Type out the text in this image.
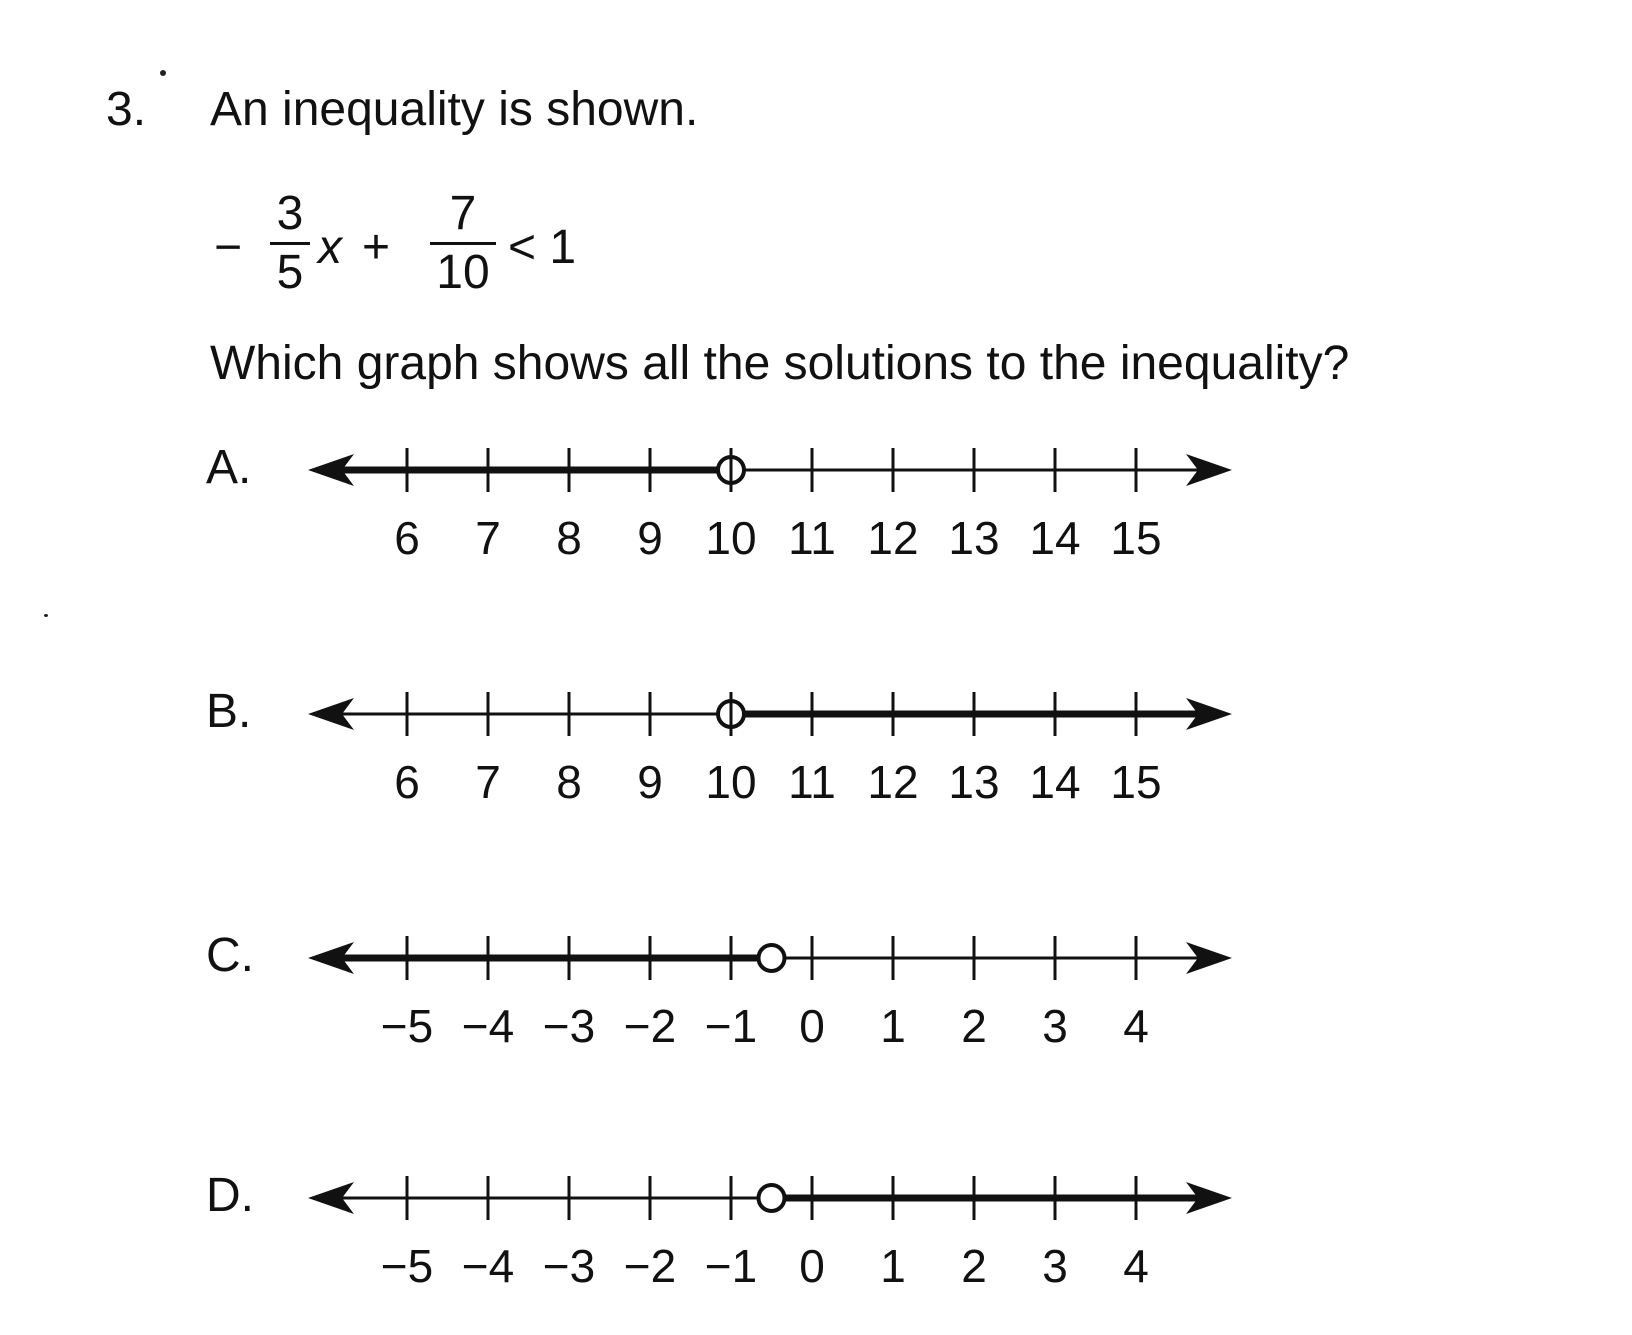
3. An inequality is shown.
−
3
5 x +
7
10 < 1
Which graph shows all the solutions to the inequality?
A.
6 7 8 9 10 11 12 13 14 15
B.
6 7 8 9 10 11 12 13 14 15
C.
−5 −4 −3 −2 −1 0 1 2 3 4
D.
−5 −4 −3 −2 −1 0 1 2 3 4
